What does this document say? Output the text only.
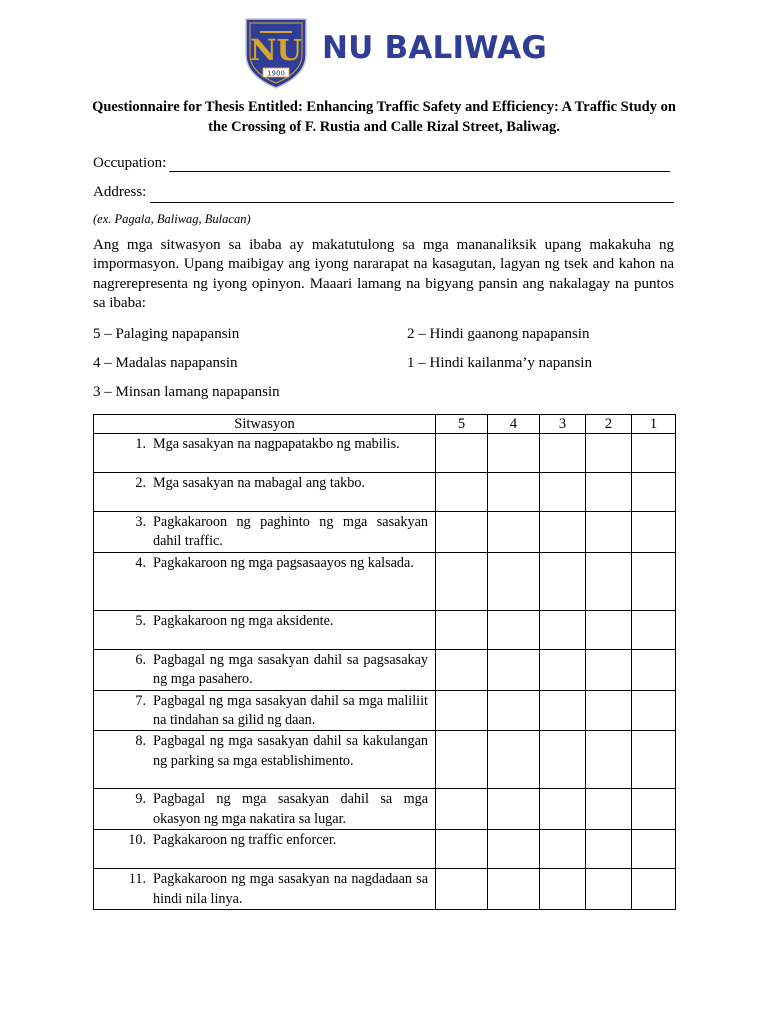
NU
1900
NU BALIWAG
Questionnaire for Thesis Entitled: Enhancing Traffic Safety and Efficiency: A Traffic Study on the Crossing of F. Rustia and Calle Rizal Street, Baliwag.
Occupation:
Address:
(ex. Pagala, Baliwag, Bulacan)
Ang mga sitwasyon sa ibaba ay makatutulong sa mga mananaliksik upang makakuha ng impormasyon. Upang maibigay ang iyong nararapat na kasagutan, lagyan ng tsek and kahon na nagrerepresenta ng iyong opinyon. Maaari lamang na bigyang pansin ang nakalagay na puntos sa ibaba:
5 – Palaging napapansin
4 – Madalas napapansin
3 – Minsan lamang napapansin
2 – Hindi gaanong napapansin
1 – Hindi kailanma’y napansin
Sitwasyon	5	4	3	2	1

1. Mga sasakyan na nagpapatakbo ng mabilis.					

2. Mga sasakyan na mabagal ang takbo.					

3. Pagkakaroon ng paghinto ng mga sasakyan dahil traffic.					

4. Pagkakaroon ng mga pagsasaayos ng kalsada.					

5. Pagkakaroon ng mga aksidente.					

6. Pagbagal ng mga sasakyan dahil sa pagsasakay ng mga pasahero.					

7. Pagbagal ng mga sasakyan dahil sa mga maliliit na tindahan sa gilid ng daan.					

8. Pagbagal ng mga sasakyan dahil sa kakulangan ng parking sa mga establishimento.					

9. Pagbagal ng mga sasakyan dahil sa mga okasyon ng mga nakatira sa lugar.					

10. Pagkakaroon ng traffic enforcer.					

11. Pagkakaroon ng mga sasakyan na nagdadaan sa hindi nila linya.					
